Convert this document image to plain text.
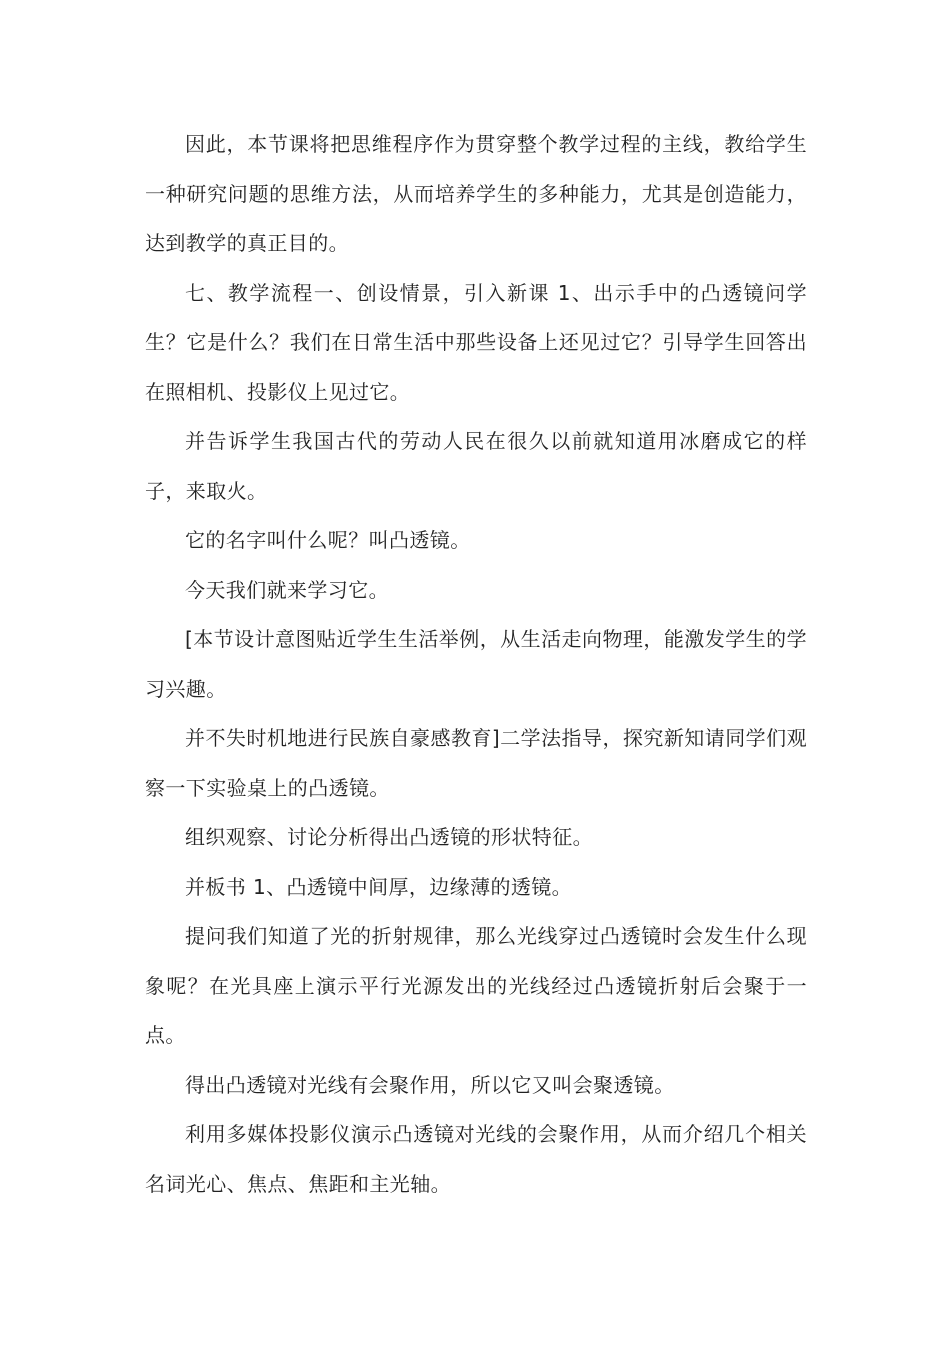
因此，本节课将把思维程序作为贯穿整个教学过程的主线，教给学生一种研究问题的思维方法，从而培养学生的多种能力，尤其是创造能力，达到教学的真正目的。

七、教学流程一、创设情景，引入新课 1、出示手中的凸透镜问学生？它是什么？我们在日常生活中那些设备上还见过它？引导学生回答出在照相机、投影仪上见过它。

并告诉学生我国古代的劳动人民在很久以前就知道用冰磨成它的样子，来取火。

它的名字叫什么呢？叫凸透镜。

今天我们就来学习它。

[本节设计意图贴近学生生活举例，从生活走向物理，能激发学生的学习兴趣。

并不失时机地进行民族自豪感教育]二学法指导，探究新知请同学们观察一下实验桌上的凸透镜。

组织观察、讨论分析得出凸透镜的形状特征。

并板书 1、凸透镜中间厚，边缘薄的透镜。

提问我们知道了光的折射规律，那么光线穿过凸透镜时会发生什么现象呢？在光具座上演示平行光源发出的光线经过凸透镜折射后会聚于一点。

得出凸透镜对光线有会聚作用，所以它又叫会聚透镜。

利用多媒体投影仪演示凸透镜对光线的会聚作用，从而介绍几个相关名词光心、焦点、焦距和主光轴。
